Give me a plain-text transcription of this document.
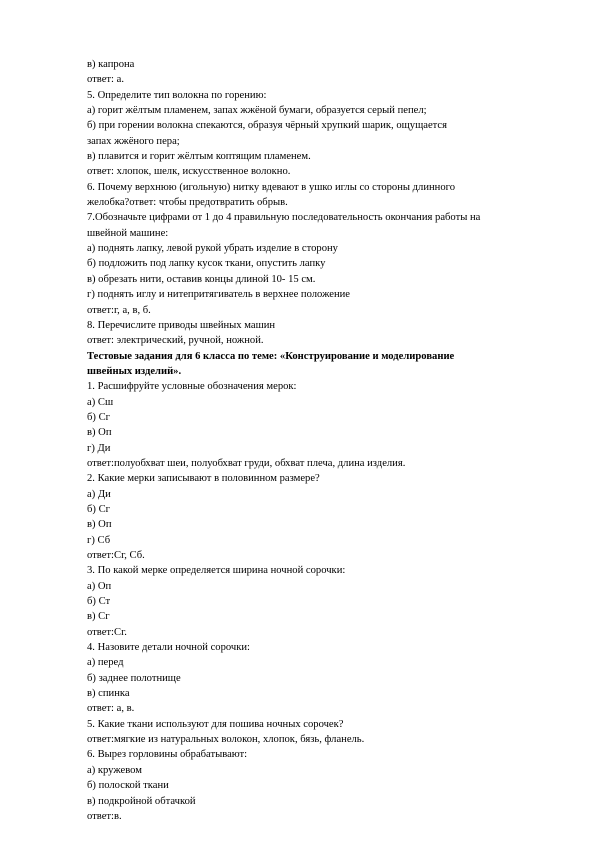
в) капрона
ответ: а.
5. Определите тип волокна по горению:
а) горит жёлтым пламенем, запах жжёной бумаги, образуется серый пепел;
б) при горении волокна спекаются, образуя чёрный хрупкий шарик, ощущается
запах жжёного пера;
в) плавится и горит жёлтым коптящим пламенем.
ответ: хлопок, шелк, искусственное волокно.
6. Почему верхнюю (игольную) нитку вдевают в ушко иглы со стороны длинного
желобка?ответ: чтобы предотвратить обрыв.
7.Обозначьте цифрами от 1 до 4 правильную последовательность окончания работы на
швейной машине:
а) поднять лапку, левой рукой убрать изделие в сторону
б) подложить под лапку кусок ткани, опустить лапку
в) обрезать нити, оставив концы длиной 10- 15 см.
г) поднять иглу и нитепритягиватель в верхнее положение
ответ:г, а, в, б.
8. Перечислите приводы швейных машин
ответ: электрический, ручной, ножной.
Тестовые задания для 6 класса по теме: «Конструирование и моделирование
швейных изделий».
1. Расшифруйте условные обозначения мерок:
а) Сш
б) Сг
в) Оп
г) Ди
ответ:полуобхват шеи, полуобхват груди, обхват плеча, длина изделия.
2. Какие мерки записывают в половинном размере?
а) Ди
б) Сг
в) Оп
г) Сб
ответ:Сг, Сб.
3. По какой мерке определяется ширина ночной сорочки:
а) Оп
б) Ст
в) Сг
ответ:Сг.
4. Назовите детали ночной сорочки:
а) перед
б) заднее полотнище
в) спинка
ответ: а, в.
5. Какие ткани используют для пошива ночных сорочек?
ответ:мягкие из натуральных волокон, хлопок, бязь, фланель.
6. Вырез горловины обрабатывают:
а) кружевом
б) полоской ткани
в) подкройной обтачкой
ответ:в.
